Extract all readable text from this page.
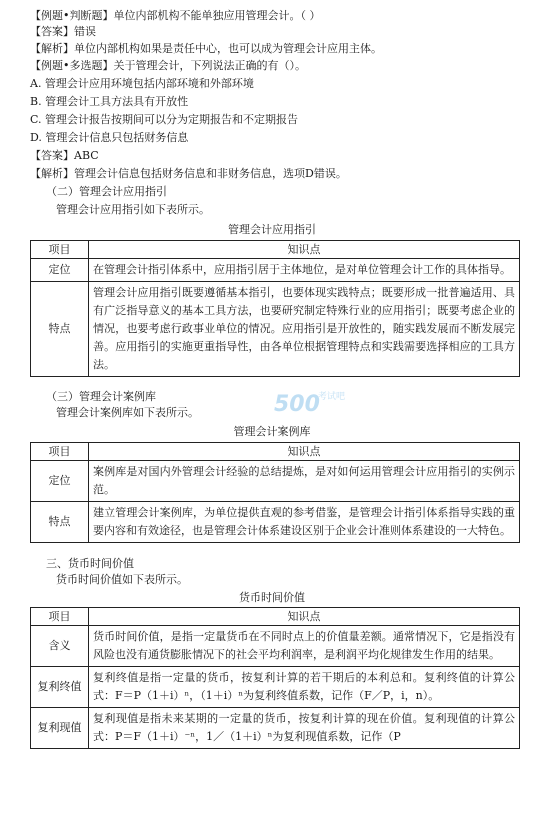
【例题•判断题】单位内部机构不能单独应用管理会计。（ ）
【答案】错误
【解析】单位内部机构如果是责任中心，也可以成为管理会计应用主体。
【例题•多选题】关于管理会计，下列说法正确的有（）。
A. 管理会计应用环境包括内部环境和外部环境
B. 管理会计工具方法具有开放性
C. 管理会计报告按期间可以分为定期报告和不定期报告
D. 管理会计信息只包括财务信息
【答案】ABC
【解析】管理会计信息包括财务信息和非财务信息，选项D错误。
（二）管理会计应用指引
管理会计应用指引如下表所示。
管理会计应用指引
项目	知识点
定位	在管理会计指引体系中，应用指引居于主体地位，是对单位管理会计工作的具体指导。
特点	管理会计应用指引既要遵循基本指引，也要体现实践特点；既要形成一批普遍适用、具有广泛指导意义的基本工具方法，也要研究制定特殊行业的应用指引；既要考虑企业的情况，也要考虑行政事业单位的情况。应用指引是开放性的，随实践发展而不断发展完善。应用指引的实施更重指导性，由各单位根据管理特点和实践需要选择相应的工具方法。
（三）管理会计案例库
管理会计案例库如下表所示。	500
考试吧
管理会计案例库
项目	知识点
定位	案例库是对国内外管理会计经验的总结提炼，是对如何运用管理会计应用指引的实例示范。
特点	建立管理会计案例库，为单位提供直观的参考借鉴，是管理会计指引体系指导实践的重要内容和有效途径，也是管理会计体系建设区别于企业会计准则体系建设的一大特色。
三、货币时间价值
货币时间价值如下表所示。
货币时间价值
项目	知识点
含义	货币时间价值，是指一定量货币在不同时点上的价值量差额。通常情况下，它是指没有风险也没有通货膨胀情况下的社会平均利润率，是利润平均化规律发生作用的结果。
复利终值	复利终值是指一定量的货币，按复利计算的若干期后的本利总和。复利终值的计算公式：F＝P（1＋i）ⁿ，（1＋i）ⁿ为复利终值系数，记作（F／P，i，n）。
复利现值	复利现值是指未来某期的一定量的货币，按复利计算的现在价值。复利现值的计算公式：P＝F（1＋i）⁻ⁿ，1／（1＋i）ⁿ为复利现值系数，记作（P
